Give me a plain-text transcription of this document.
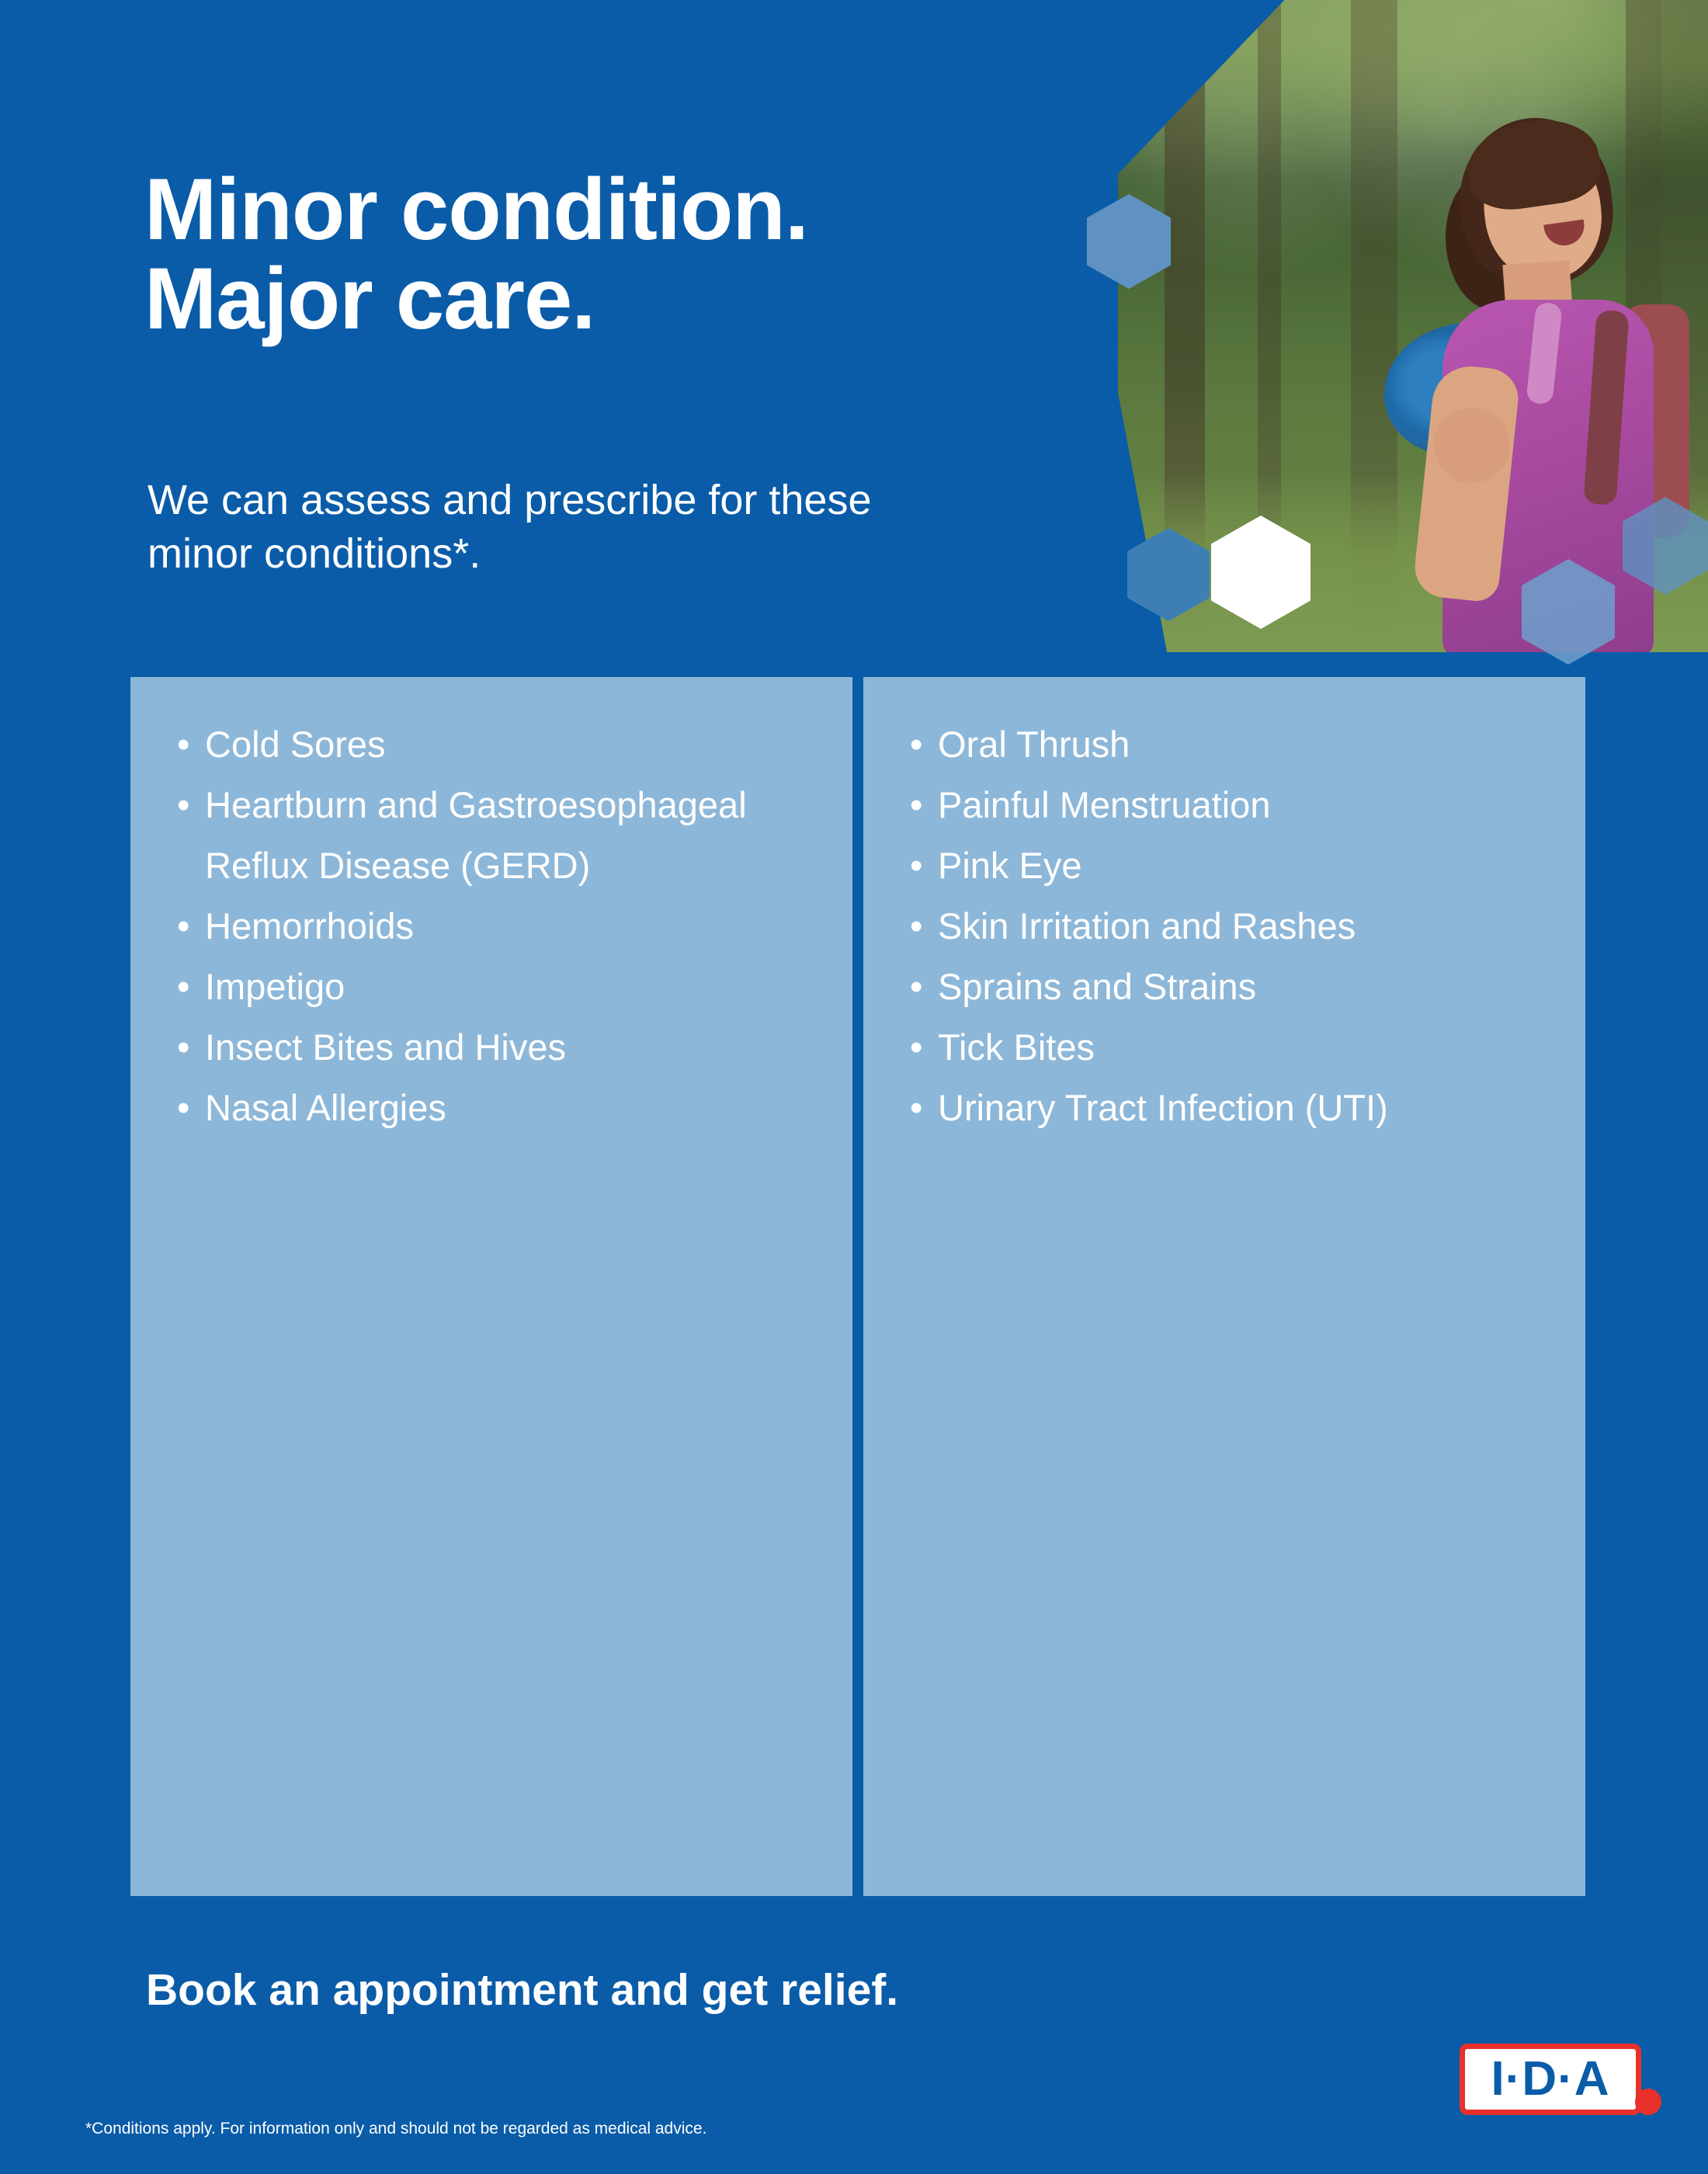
Minor condition.
Major care.

We can assess and prescribe for these
minor conditions*.

• Cold Sores
• Heartburn and Gastroesophageal Reflux Disease (GERD)
• Hemorrhoids
• Impetigo
• Insect Bites and Hives
• Nasal Allergies
• Oral Thrush
• Painful Menstruation
• Pink Eye
• Skin Irritation and Rashes
• Sprains and Strains
• Tick Bites
• Urinary Tract Infection (UTI)
Book an appointment and get relief.
I·D·A
*Conditions apply. For information only and should not be regarded as medical advice.
